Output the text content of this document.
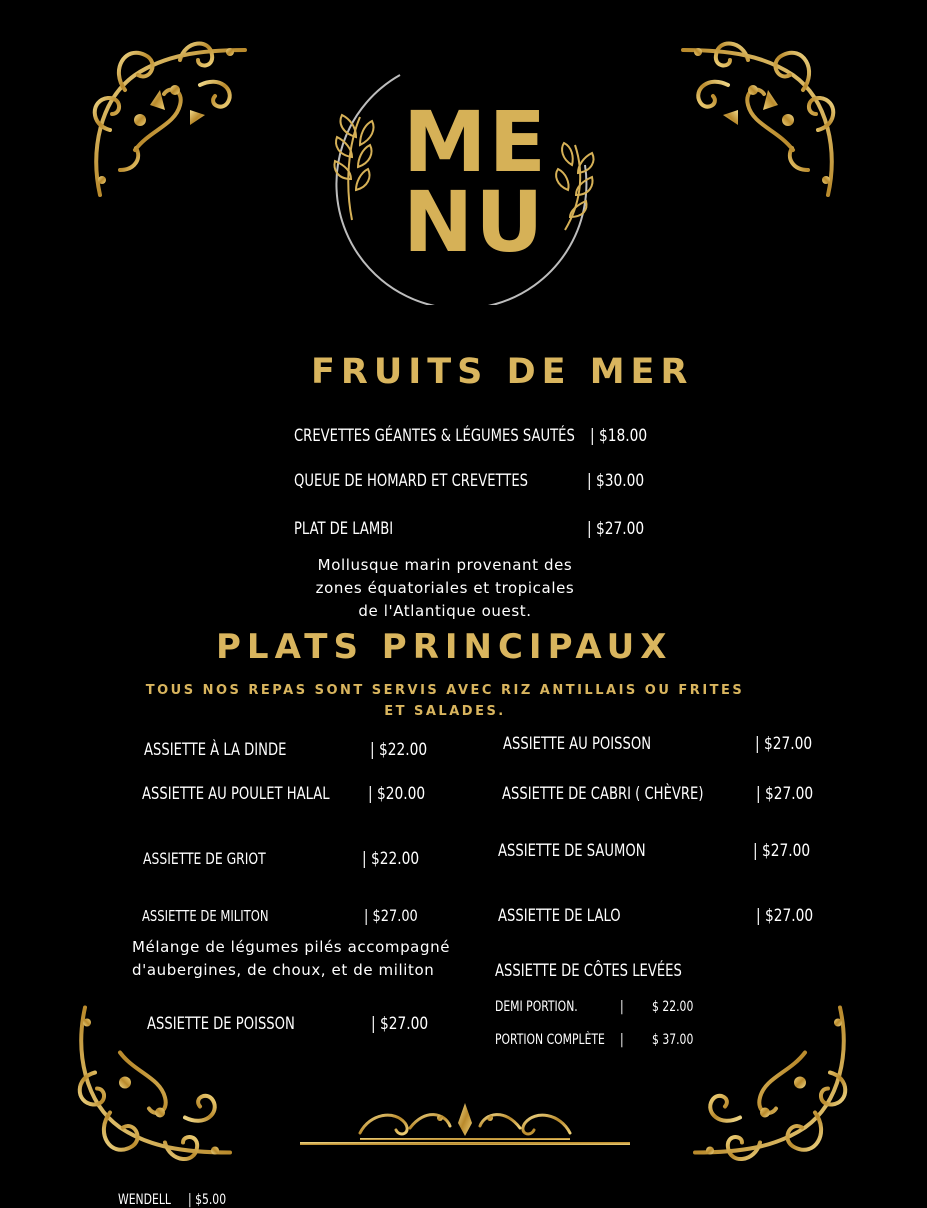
ME
NU
FRUITS DE MER
CREVETTES GÉANTES & LÉGUMES SAUTÉS | $18.00
QUEUE DE HOMARD ET CREVETTES	| $30.00
PLAT DE LAMBI	| $27.00
Mollusque marin provenant des
zones équatoriales et tropicales
de l'Atlantique ouest.
PLATS PRINCIPAUX
TOUS NOS REPAS SONT SERVIS AVEC RIZ ANTILLAIS OU FRITES
ET SALADES.
ASSIETTE À LA DINDE	| $22.00
ASSIETTE AU POULET HALAL | $20.00
ASSIETTE DE GRIOT	| $22.00
ASSIETTE DE MILITON	| $27.00
Mélange de légumes pilés accompagné
d'aubergines, de choux, et de militon
ASSIETTE DE POISSON	| $27.00
ASSIETTE AU POISSON	| $27.00
ASSIETTE DE CABRI ( CHÈVRE)	| $27.00
ASSIETTE DE SAUMON	| $27.00
ASSIETTE DE LALO	| $27.00
ASSIETTE DE CÔTES LEVÉES
DEMI PORTION.	| $ 22.00
PORTION COMPLÈTE | $ 37.00
WENDELL | $5.00
